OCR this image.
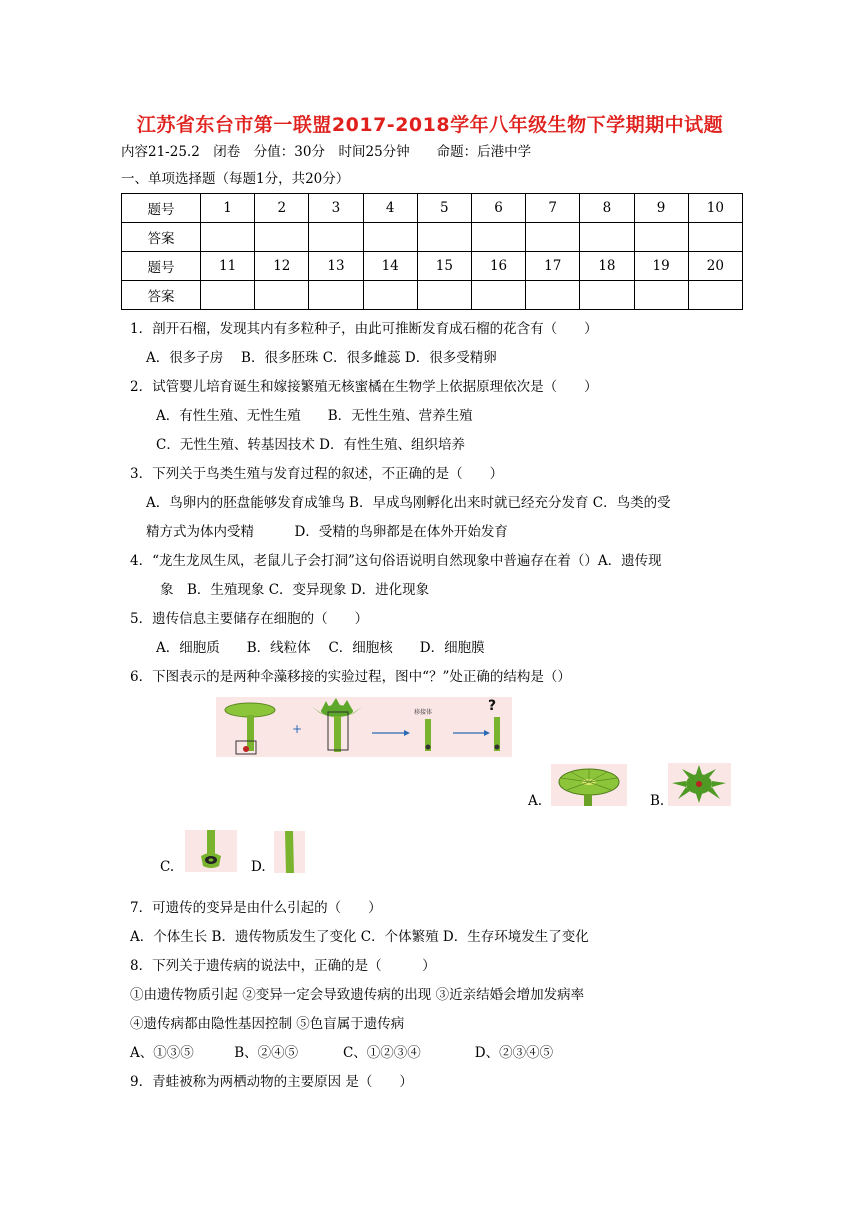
江苏省东台市第一联盟2017-2018学年八年级生物下学期期中试题
内容21-25.2　闭卷　分值：30分　时间25分钟　　命题：后港中学
一、单项选择题（每题1分，共20分）
题号	1	2	3	4	5	6	7	8	9	10
答案										
题号	11	12	13	14	15	16	17	18	19	20
答案										
1．剖开石榴，发现其内有多粒种子，由此可推断发育成石榴的花含有（　　）
A．很多子房　 B．很多胚珠 C．很多雌蕊 D．很多受精卵
2．试管婴儿培育诞生和嫁接繁殖无核蜜橘在生物学上依据原理依次是（　　）
A．有性生殖、无性生殖　　B．无性生殖、营养生殖
C．无性生殖、转基因技术 D．有性生殖、组织培养
3．下列关于鸟类生殖与发育过程的叙述，不正确的是（　　）
A．鸟卵内的胚盘能够发育成雏鸟 B．早成鸟刚孵化出来时就已经充分发育 C．鸟类的受
精方式为体内受精　　　D．受精的鸟卵都是在体外开始发育
4．“龙生龙凤生凤，老鼠儿子会打洞”这句俗语说明自然现象中普遍存在着（）A．遗传现
象　B．生殖现象 C．变异现象 D．进化现象
5．遗传信息主要储存在细胞的（　　）
A．细胞质　　B．线粒体　 C．细胞核　　D．细胞膜
6．下图表示的是两种伞藻移接的实验过程，图中“？”处正确的结构是（）
+
移接体	?
A.	B.
C.	D.
7．可遗传的变异是由什么引起的（　　）
A．个体生长 B．遗传物质发生了变化 C．个体繁殖 D．生存环境发生了变化
8．下列关于遗传病的说法中，正确的是（　　　）
①由遗传物质引起 ②变异一定会导致遗传病的出现 ③近亲结婚会增加发病率
④遗传病都由隐性基因控制 ⑤色盲属于遗传病
A、①③⑤　　　B、②④⑤　　　 C、①②③④　　　　D、②③④⑤
9．青蛙被称为两栖动物的主要原因 是（　　）
